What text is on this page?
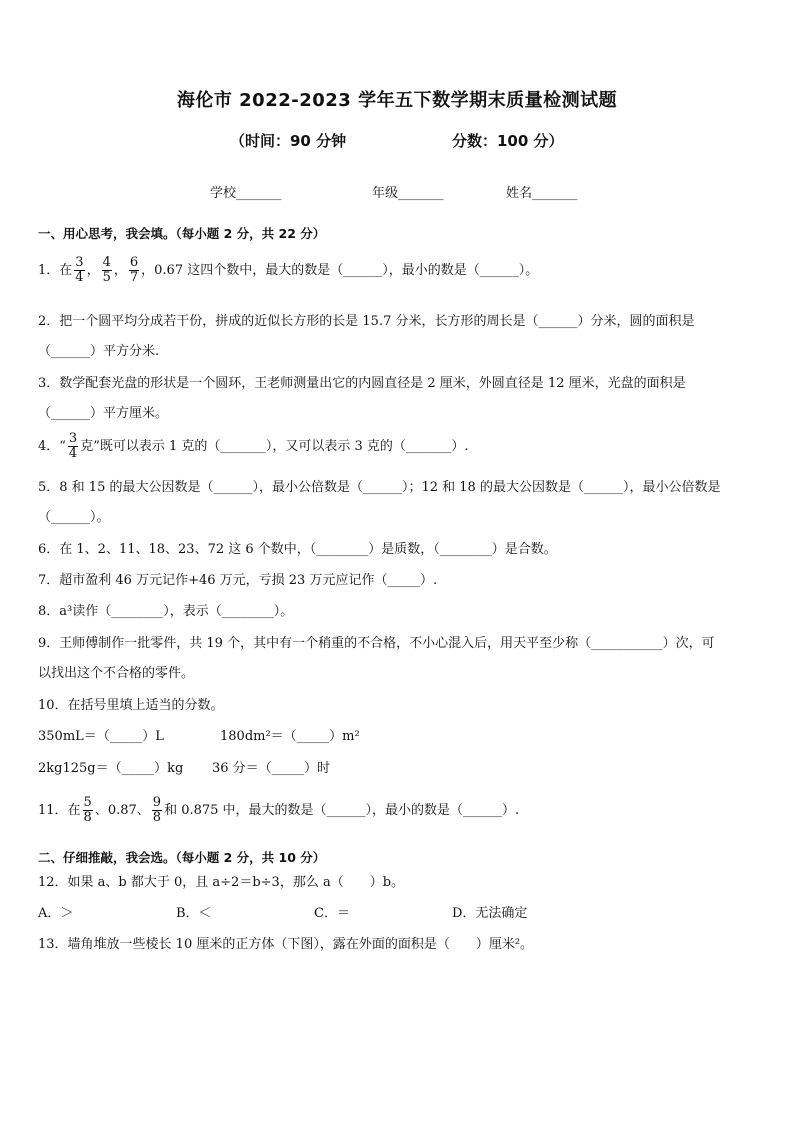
海伦市 2022-2023 学年五下数学期末质量检测试题
（时间：90 分钟	分数：100 分）
学校_______	年级_______	姓名_______
一、用心思考，我会填。（每小题 2 分，共 22 分）
1．在 $\frac{3}{4}$ ， $\frac{4}{5}$ ， $\frac{6}{7}$ ，0.67 这四个数中，最大的数是（______），最小的数是（______）。
2．把一个圆平均分成若干份，拼成的近似长方形的长是 15.7 分米，长方形的周长是（______）分米，圆的面积是
（______）平方分米.
3．数学配套光盘的形状是一个圆环，王老师测量出它的内圆直径是 2 厘米，外圆直径是 12 厘米，光盘的面积是
（______）平方厘米。
4．“ $\frac{3}{4}$ 克”既可以表示 1 克的（_______），又可以表示 3 克的（_______）.
5．8 和 15 的最大公因数是（______），最小公倍数是（______）；12 和 18 的最大公因数是（______），最小公倍数是
（______）。
6．在 1、2、11、18、23、72 这 6 个数中，（________）是质数，（________）是合数。
7．超市盈利 46 万元记作+46 万元，亏损 23 万元应记作（_____）.
8．a³读作（________），表示（________）。
9．王师傅制作一批零件，共 19 个，其中有一个稍重的不合格，不小心混入后，用天平至少称（___________）次，可
以找出这个不合格的零件。
10．在括号里填上适当的分数。
350mL＝（_____）L	180dm²＝（_____）m²
2kg125g＝（_____）kg 36 分＝（_____）时
11．在 $\frac{5}{8}$ 、0.87、 $\frac{9}{8}$ 和 0.875 中，最大的数是（______），最小的数是（______）.
二、仔细推敲，我会选。（每小题 2 分，共 10 分）
12．如果 a、b 都大于 0，且 a÷2＝b÷3，那么 a（　　）b。
A．＞	B．＜	C．＝	D．无法确定
13．墙角堆放一些棱长 10 厘米的正方体（下图），露在外面的面积是（　　）厘米²。
